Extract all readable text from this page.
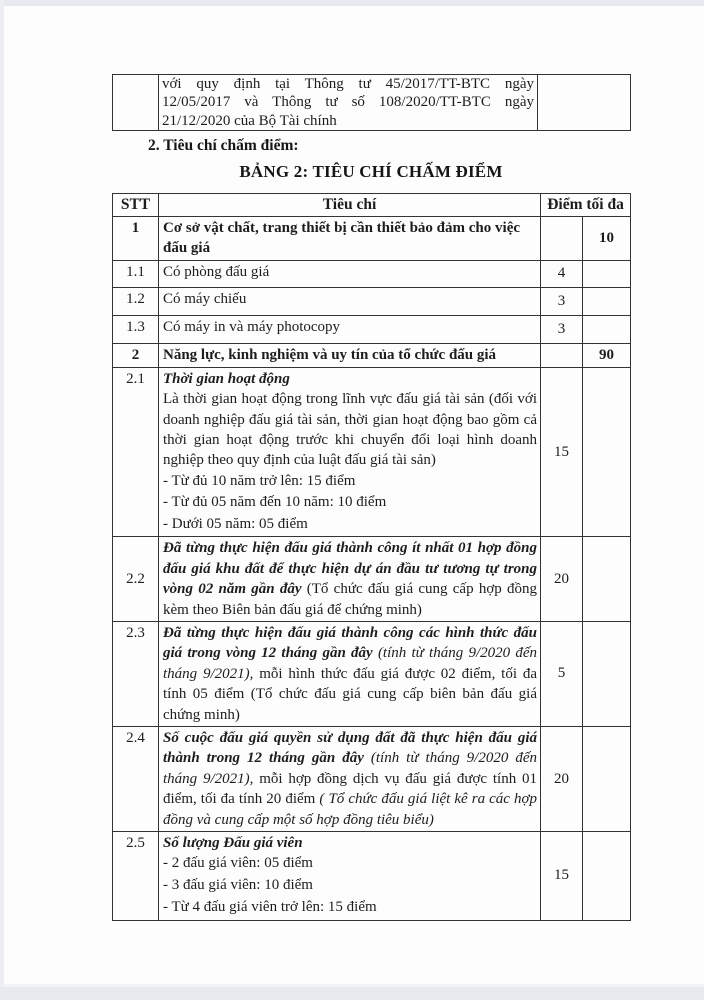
với quy định tại Thông tư 45/2017/TT-BTC ngày
12/05/2017 và Thông tư số 108/2020/TT-BTC ngày
21/12/2020 của Bộ Tài chính

2. Tiêu chí chấm điểm:
BẢNG 2: TIÊU CHÍ CHẤM ĐIỂM
STT	Tiêu chí	Điểm tối đa	
1	Cơ sở vật chất, trang thiết bị cần thiết bảo đảm cho việc đấu giá		10
1.1	Có phòng đấu giá	4	
1.2	Có máy chiếu	3	
1.3	Có máy in và máy photocopy	3	
2	Năng lực, kinh nghiệm và uy tín của tổ chức đấu giá		90
2.1	Thời gian hoạt động
Là thời gian hoạt động trong lĩnh vực đấu giá tài sản (đối với doanh nghiệp đấu giá tài sản, thời gian hoạt động bao gồm cả thời gian hoạt động trước khi chuyển đổi loại hình doanh nghiệp theo quy định của luật đấu giá tài sản)
- Từ đủ 10 năm trở lên: 15 điểm
- Từ đủ 05 năm đến 10 năm: 10 điểm
- Dưới 05 năm: 05 điểm	15	
2.2	Đã từng thực hiện đấu giá thành công ít nhất 01 hợp đồng đấu giá khu đất để thực hiện dự án đầu tư tương tự trong vòng 02 năm gần đây (Tổ chức đấu giá cung cấp hợp đồng kèm theo Biên bản đấu giá để chứng minh)	20	
2.3	Đã từng thực hiện đấu giá thành công các hình thức đấu giá trong vòng 12 tháng gần đây (tính từ tháng 9/2020 đến tháng 9/2021), mỗi hình thức đấu giá được 02 điểm, tối đa tính 05 điểm (Tổ chức đấu giá cung cấp biên bản đấu giá chứng minh)	5	
2.4	Số cuộc đấu giá quyền sử dụng đất đã thực hiện đấu giá thành trong 12 tháng gần đây (tính từ tháng 9/2020 đến tháng 9/2021), mỗi hợp đồng dịch vụ đấu giá được tính 01 điểm, tối đa tính 20 điểm ( Tổ chức đấu giá liệt kê ra các hợp đồng và cung cấp một số hợp đồng tiêu biểu)	20	
2.5	Số lượng Đấu giá viên
- 2 đấu giá viên: 05 điểm
- 3 đấu giá viên: 10 điểm
- Từ 4 đấu giá viên trở lên: 15 điểm	15	
